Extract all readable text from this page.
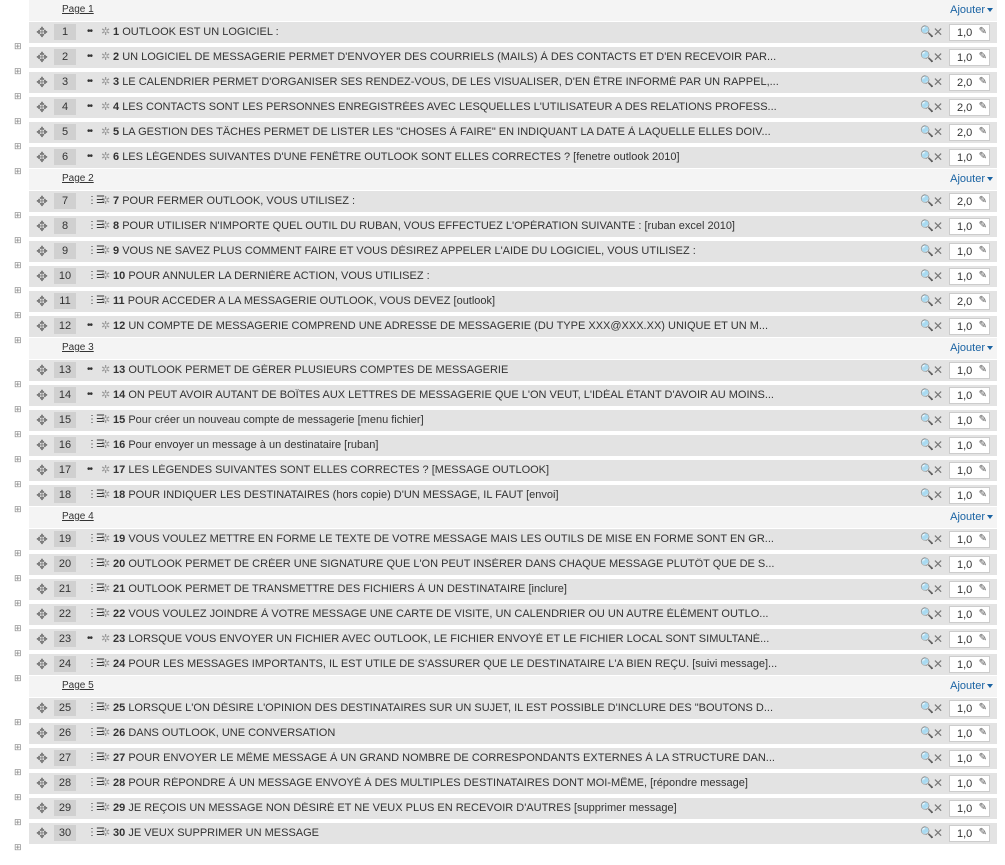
Page 1	Ajouter
✥	1 ••	✲ 1 OUTLOOK EST UN LOGICIEL :	🔍 ✕ 1,0 ✎
✥	2 ••	✲ 2 UN LOGICIEL DE MESSAGERIE PERMET D'ENVOYER DES COURRIELS (MAILS) À DES CONTACTS ET D'EN RECEVOIR PAR...	🔍 ✕ 1,0 ✎
✥	3 ••	✲ 3 LE CALENDRIER PERMET D'ORGANISER SES RENDEZ-VOUS, DE LES VISUALISER, D'EN ÊTRE INFORMÉ PAR UN RAPPEL,...	🔍 ✕ 2,0 ✎
✥	4 ••	✲ 4 LES CONTACTS SONT LES PERSONNES ENREGISTRÉES AVEC LESQUELLES L'UTILISATEUR A DES RELATIONS PROFESS...	🔍 ✕ 2,0 ✎
✥	5 ••	✲ 5 LA GESTION DES TÂCHES PERMET DE LISTER LES "CHOSES À FAIRE" EN INDIQUANT LA DATE À LAQUELLE ELLES DOIV...	🔍 ✕ 2,0 ✎
✥	6 ••	✲ 6 LES LÉGENDES SUIVANTES D'UNE FENÊTRE OUTLOOK SONT ELLES CORRECTES ? [fenetre outlook 2010]	🔍 ✕ 1,0 ✎
Page 2	Ajouter
✥	7 ⋮☰	✲ 7 POUR FERMER OUTLOOK, VOUS UTILISEZ :	🔍 ✕ 2,0 ✎
✥	8 ⋮☰	✲ 8 POUR UTILISER N'IMPORTE QUEL OUTIL DU RUBAN, VOUS EFFECTUEZ L'OPÉRATION SUIVANTE : [ruban excel 2010]	🔍 ✕ 1,0 ✎
✥	9 ⋮☰	✲ 9 VOUS NE SAVEZ PLUS COMMENT FAIRE ET VOUS DÉSIREZ APPELER L'AIDE DU LOGICIEL, VOUS UTILISEZ :	🔍 ✕ 1,0 ✎
✥	10 ⋮☰	✲ 10 POUR ANNULER LA DERNIÈRE ACTION, VOUS UTILISEZ :	🔍 ✕ 1,0 ✎
✥	11 ⋮☰	✲ 11 POUR ACCEDER A LA MESSAGERIE OUTLOOK, VOUS DEVEZ [outlook]	🔍 ✕ 2,0 ✎
✥	12 ••	✲ 12 UN COMPTE DE MESSAGERIE COMPREND UNE ADRESSE DE MESSAGERIE (DU TYPE XXX@XXX.XX) UNIQUE ET UN M...	🔍 ✕ 1,0 ✎
Page 3	Ajouter
✥	13 ••	✲ 13 OUTLOOK PERMET DE GÉRER PLUSIEURS COMPTES DE MESSAGERIE	🔍 ✕ 1,0 ✎
✥	14 ••	✲ 14 ON PEUT AVOIR AUTANT DE BOÎTES AUX LETTRES DE MESSAGERIE QUE L'ON VEUT, L'IDÉAL ÉTANT D'AVOIR AU MOINS...	🔍 ✕ 1,0 ✎
✥	15 ⋮☰	✲ 15 Pour créer un nouveau compte de messagerie [menu fichier]	🔍 ✕ 1,0 ✎
✥	16 ⋮☰	✲ 16 Pour envoyer un message à un destinataire [ruban]	🔍 ✕ 1,0 ✎
✥	17 ••	✲ 17 LES LÉGENDES SUIVANTES SONT ELLES CORRECTES ? [MESSAGE OUTLOOK]	🔍 ✕ 1,0 ✎
✥	18 ⋮☰	✲ 18 POUR INDIQUER LES DESTINATAIRES (hors copie) D'UN MESSAGE, IL FAUT [envoi]	🔍 ✕ 1,0 ✎
Page 4	Ajouter
✥	19 ⋮☰	✲ 19 VOUS VOULEZ METTRE EN FORME LE TEXTE DE VOTRE MESSAGE MAIS LES OUTILS DE MISE EN FORME SONT EN GR...	🔍 ✕ 1,0 ✎
✥	20 ⋮☰	✲ 20 OUTLOOK PERMET DE CRÉER UNE SIGNATURE QUE L'ON PEUT INSÉRER DANS CHAQUE MESSAGE PLUTÔT QUE DE S...	🔍 ✕ 1,0 ✎
✥	21 ⋮☰	✲ 21 OUTLOOK PERMET DE TRANSMETTRE DES FICHIERS À UN DESTINATAIRE [inclure]	🔍 ✕ 1,0 ✎
✥	22 ⋮☰	✲ 22 VOUS VOULEZ JOINDRE À VOTRE MESSAGE UNE CARTE DE VISITE, UN CALENDRIER OU UN AUTRE ÉLÉMENT OUTLO...	🔍 ✕ 1,0 ✎
✥	23 ••	✲ 23 LORSQUE VOUS ENVOYER UN FICHIER AVEC OUTLOOK, LE FICHIER ENVOYÉ ET LE FICHIER LOCAL SONT SIMULTANÉ...	🔍 ✕ 1,0 ✎
✥	24 ⋮☰	✲ 24 POUR LES MESSAGES IMPORTANTS, IL EST UTILE DE S'ASSURER QUE LE DESTINATAIRE L'A BIEN REÇU. [suivi message]...	🔍 ✕ 1,0 ✎
Page 5	Ajouter
✥	25 ⋮☰	✲ 25 LORSQUE L'ON DÉSIRE L'OPINION DES DESTINATAIRES SUR UN SUJET, IL EST POSSIBLE D'INCLURE DES "BOUTONS D...	🔍 ✕ 1,0 ✎
✥	26 ⋮☰	✲ 26 DANS OUTLOOK, UNE CONVERSATION	🔍 ✕ 1,0 ✎
✥	27 ⋮☰	✲ 27 POUR ENVOYER LE MÊME MESSAGE À UN GRAND NOMBRE DE CORRESPONDANTS EXTERNES À LA STRUCTURE DAN...	🔍 ✕ 1,0 ✎
✥	28 ⋮☰	✲ 28 POUR RÉPONDRE À UN MESSAGE ENVOYÉ À DES MULTIPLES DESTINATAIRES DONT MOI-MÊME, [répondre message]	🔍 ✕ 1,0 ✎
✥	29 ⋮☰	✲ 29 JE REÇOIS UN MESSAGE NON DÉSIRÉ ET NE VEUX PLUS EN RECEVOIR D'AUTRES [supprimer message]	🔍 ✕ 1,0 ✎
✥	30 ⋮☰	✲ 30 JE VEUX SUPPRIMER UN MESSAGE	🔍 ✕ 1,0 ✎
⊞
⊞
⊞
⊞
⊞
⊞
⊞
⊞
⊞
⊞
⊞
⊞
⊞
⊞
⊞
⊞
⊞
⊞
⊞
⊞
⊞
⊞
⊞
⊞
⊞
⊞
⊞
⊞
⊞
⊞
